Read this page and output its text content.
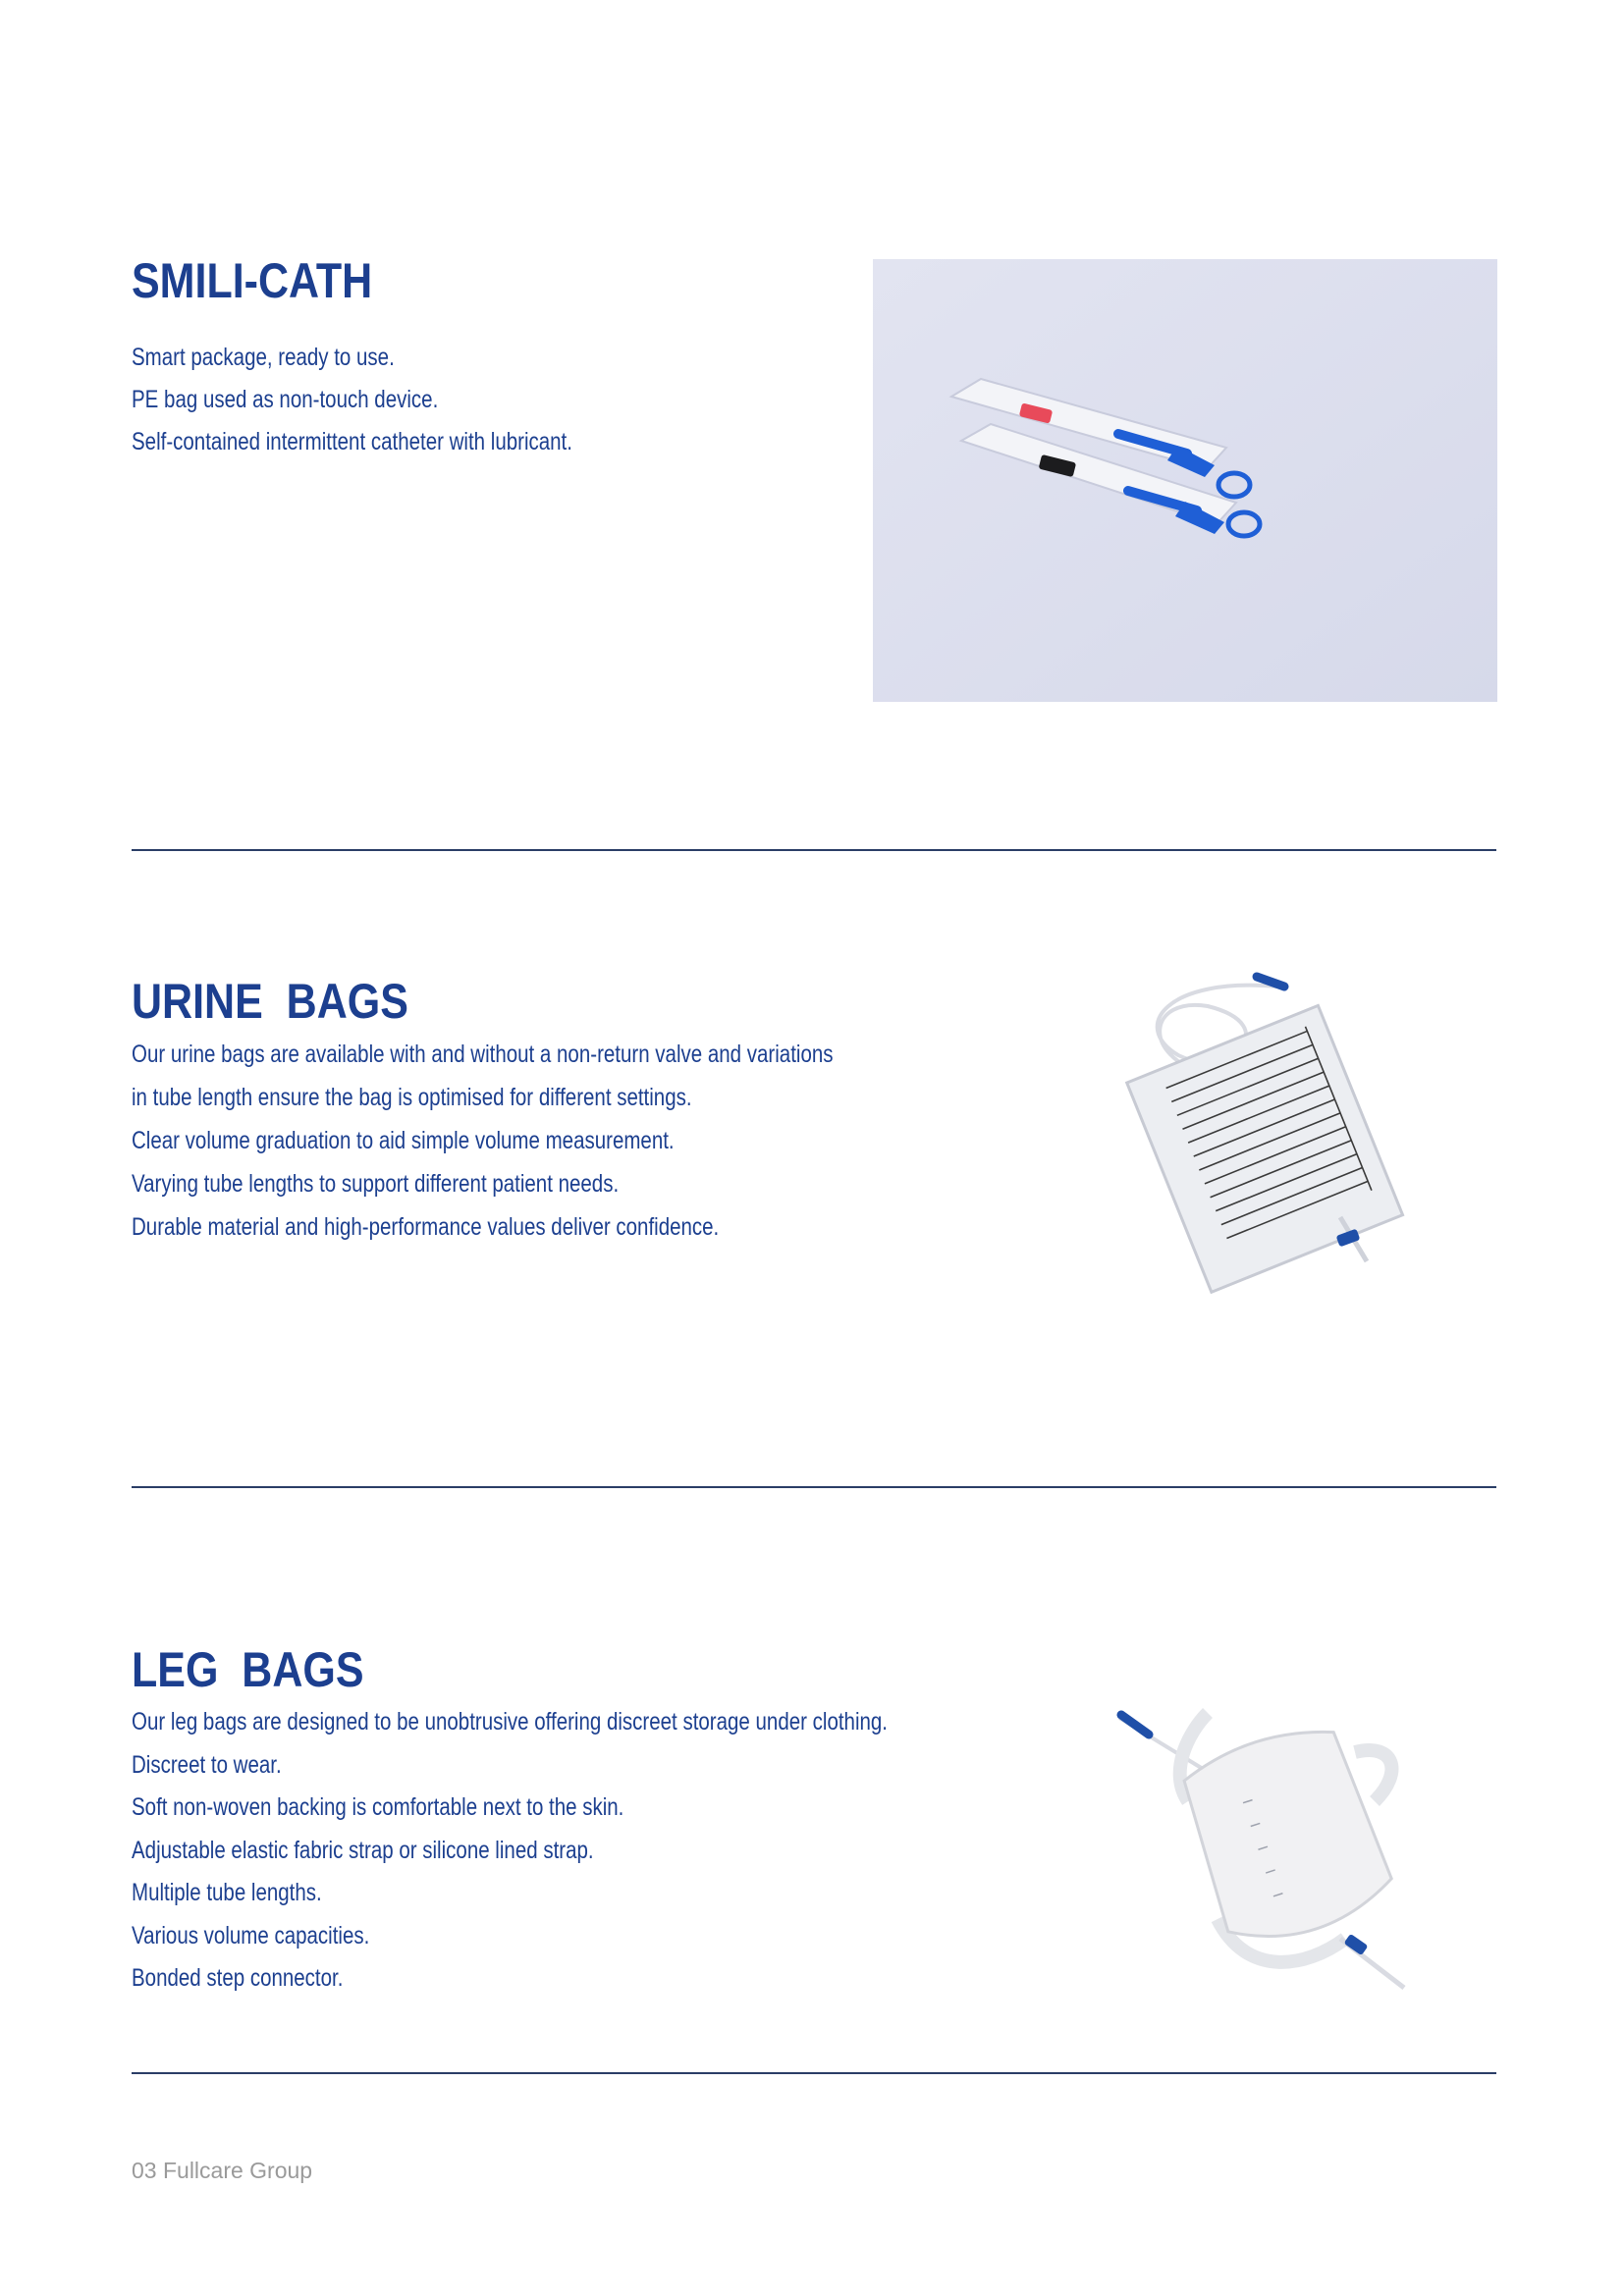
SMILI-CATH
Smart package, ready to use.
PE bag used as non-touch device.
Self-contained intermittent catheter with lubricant.
URINE  BAGS
Our urine bags are available with and without a non-return valve and variations
in tube length ensure the bag is optimised for different settings.
Clear volume graduation to aid simple volume measurement.
Varying tube lengths to support different patient needs.
Durable material and high-performance values deliver confidence.
LEG  BAGS
Our leg bags are designed to be unobtrusive offering discreet storage under clothing.
Discreet to wear.
Soft non-woven backing is comfortable next to the skin.
Adjustable elastic fabric strap or silicone lined strap.
Multiple tube lengths.
Various volume capacities.
Bonded step connector.
03 Fullcare Group
